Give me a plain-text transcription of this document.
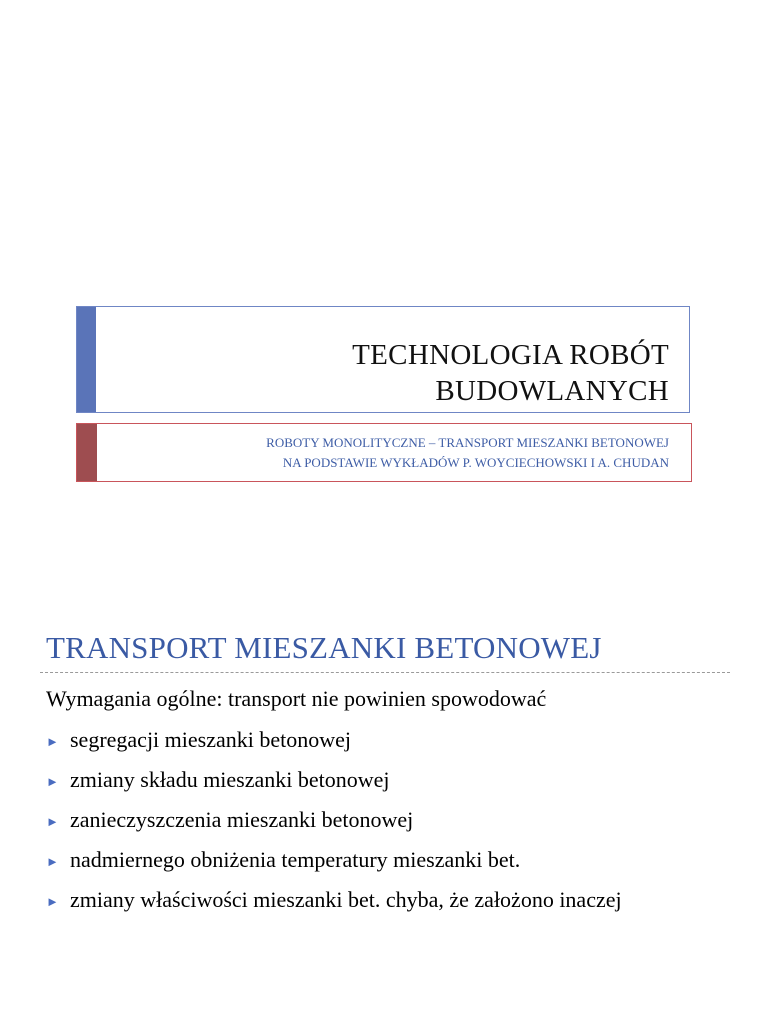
TECHNOLOGIA ROBÓT
BUDOWLANYCH
ROBOTY MONOLITYCZNE – TRANSPORT MIESZANKI BETONOWEJ
NA PODSTAWIE WYKŁADÓW P. WOYCIECHOWSKI I A. CHUDAN
TRANSPORT MIESZANKI BETONOWEJ
Wymagania ogólne: transport nie powinien spowodować
► segregacji mieszanki betonowej
► zmiany składu mieszanki betonowej
► zanieczyszczenia mieszanki betonowej
► nadmiernego obniżenia temperatury mieszanki bet.
► zmiany właściwości mieszanki bet. chyba, że założono inaczej
